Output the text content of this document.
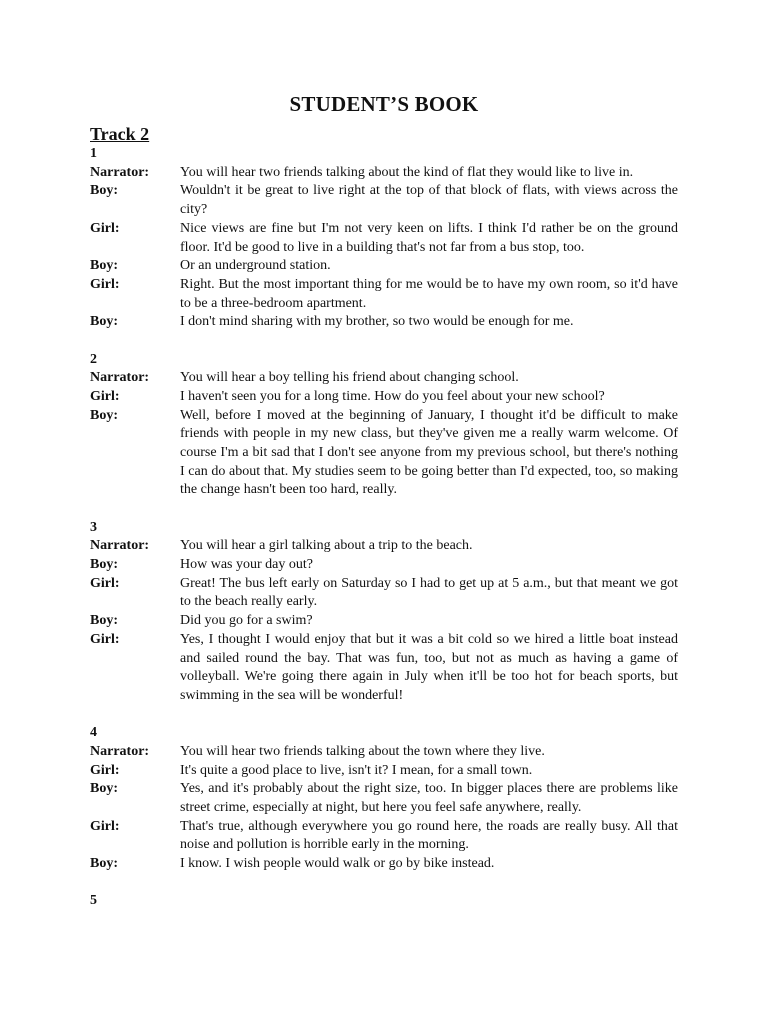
STUDENT’S BOOK
Track 2
1
Narrator:	You will hear two friends talking about the kind of flat they would like to live in.
Boy:	Wouldn't it be great to live right at the top of that block of flats, with views across the city?
Girl:	Nice views are fine but I'm not very keen on lifts. I think I'd rather be on the ground floor. It'd be good to live in a building that's not far from a bus stop, too.
Boy:	Or an underground station.
Girl:	Right. But the most important thing for me would be to have my own room, so it'd have to be a three-bedroom apartment.
Boy:	I don't mind sharing with my brother, so two would be enough for me.
2
Narrator:	You will hear a boy telling his friend about changing school.
Girl:	I haven't seen you for a long time. How do you feel about your new school?
Boy:	Well, before I moved at the beginning of January, I thought it'd be difficult to make friends with people in my new class, but they've given me a really warm welcome. Of course I'm a bit sad that I don't see anyone from my previous school, but there's nothing I can do about that. My studies seem to be going better than I'd expected, too, so making the change hasn't been too hard, really.
3
Narrator:	You will hear a girl talking about a trip to the beach.
Boy:	How was your day out?
Girl:	Great! The bus left early on Saturday so I had to get up at 5 a.m., but that meant we got to the beach really early.
Boy:	Did you go for a swim?
Girl:	Yes, I thought I would enjoy that but it was a bit cold so we hired a little boat instead and sailed round the bay. That was fun, too, but not as much as having a game of volleyball. We're going there again in July when it'll be too hot for beach sports, but swimming in the sea will be wonderful!
4
Narrator:	You will hear two friends talking about the town where they live.
Girl:	It's quite a good place to live, isn't it? I mean, for a small town.
Boy:	Yes, and it's probably about the right size, too. In bigger places there are problems like street crime, especially at night, but here you feel safe anywhere, really.
Girl:	That's true, although everywhere you go round here, the roads are really busy. All that noise and pollution is horrible early in the morning.
Boy:	I know. I wish people would walk or go by bike instead.
5
